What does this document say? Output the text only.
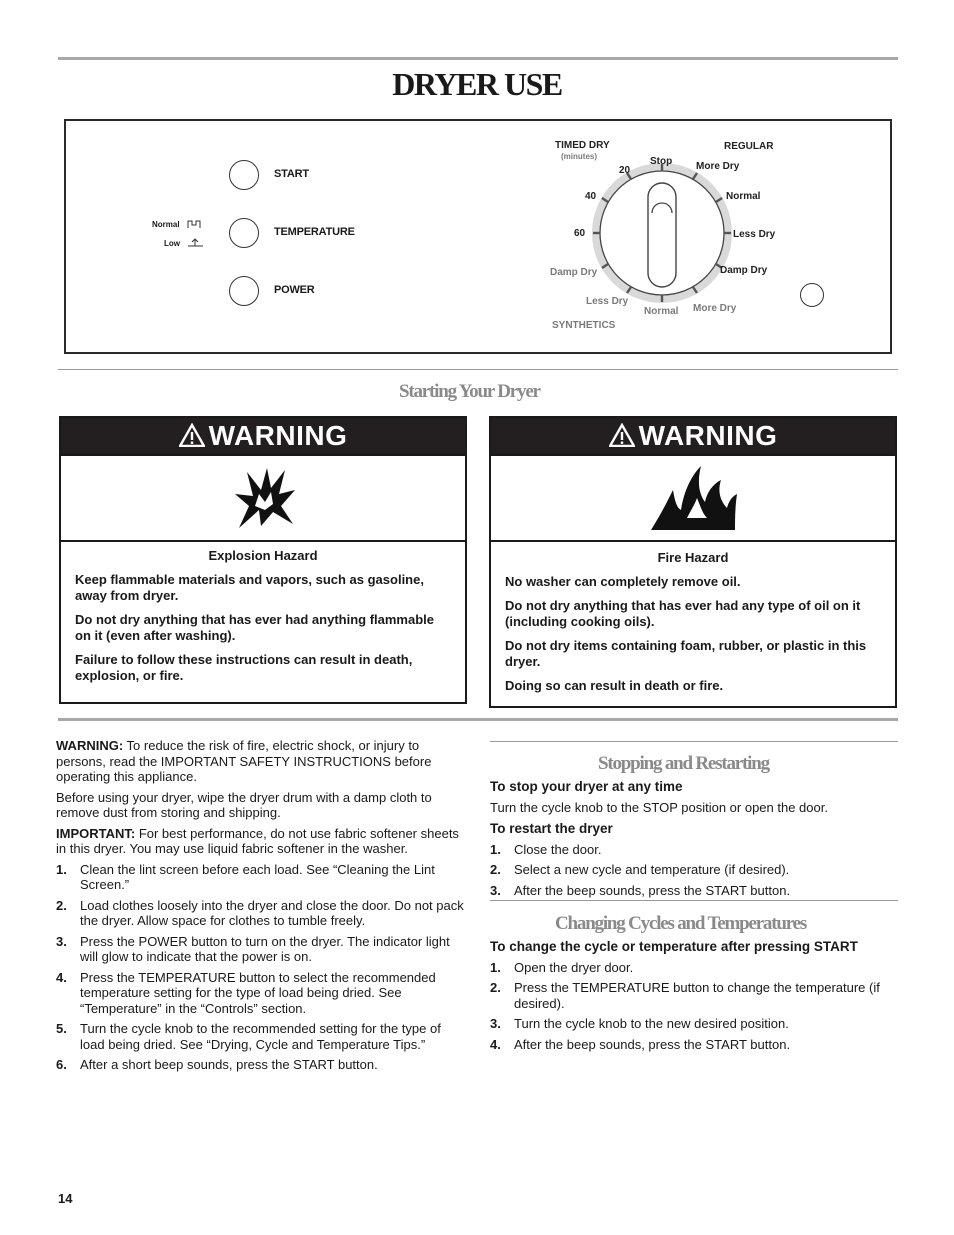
DRYER USE
START
TEMPERATURE
POWER
Normal
Low
TIMED DRY
(minutes)
REGULAR
Stop
20
40
60
More Dry
Normal
Less Dry
Damp Dry
Damp Dry
Less Dry
Normal More Dry
SYNTHETICS
Starting Your Dryer
WARNING

Explosion Hazard

Keep flammable materials and vapors, such as gasoline, away from dryer.

Do not dry anything that has ever had anything flammable on it (even after washing).

Failure to follow these instructions can result in death, explosion, or fire.

WARNING

Fire Hazard

No washer can completely remove oil.

Do not dry anything that has ever had any type of oil on it (including cooking oils).

Do not dry items containing foam, rubber, or plastic in this dryer.

Doing so can result in death or fire.

WARNING: To reduce the risk of fire, electric shock, or injury to persons, read the IMPORTANT SAFETY INSTRUCTIONS before operating this appliance.

Before using your dryer, wipe the dryer drum with a damp cloth to remove dust from storing and shipping.

IMPORTANT: For best performance, do not use fabric softener sheets in this dryer. You may use liquid fabric softener in the washer.

1. Clean the lint screen before each load. See “Cleaning the Lint Screen.”
2. Load clothes loosely into the dryer and close the door. Do not pack the dryer. Allow space for clothes to tumble freely.
3. Press the POWER button to turn on the dryer. The indicator light will glow to indicate that the power is on.
4. Press the TEMPERATURE button to select the recommended temperature setting for the type of load being dried. See “Temperature” in the “Controls” section.
5. Turn the cycle knob to the recommended setting for the type of load being dried. See “Drying, Cycle and Temperature Tips.”
6. After a short beep sounds, press the START button.
Stopping and Restarting

To stop your dryer at any time

Turn the cycle knob to the STOP position or open the door.

To restart the dryer

1. Close the door.
2. Select a new cycle and temperature (if desired).
3. After the beep sounds, press the START button.
Changing Cycles and Temperatures

To change the cycle or temperature after pressing START

1. Open the dryer door.
2. Press the TEMPERATURE button to change the temperature (if desired).
3. Turn the cycle knob to the new desired position.
4. After the beep sounds, press the START button.
14
